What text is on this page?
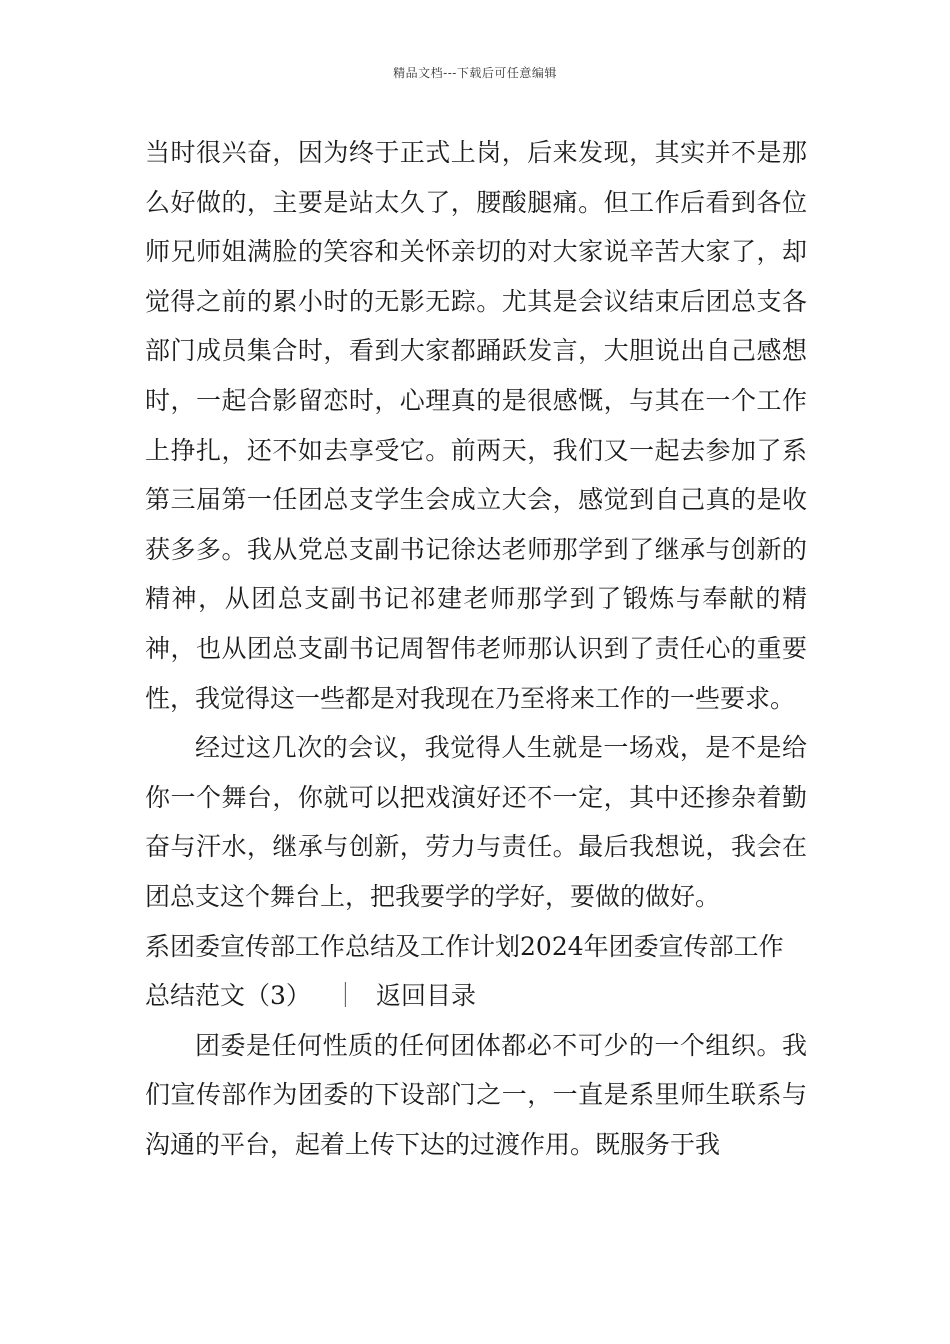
精品文档---下载后可任意编辑

当时很兴奋，因为终于正式上岗，后来发现，其实并不是那么好做的，主要是站太久了，腰酸腿痛。但工作后看到各位师兄师姐满脸的笑容和关怀亲切的对大家说辛苦大家了，却觉得之前的累小时的无影无踪。尤其是会议结束后团总支各部门成员集合时，看到大家都踊跃发言，大胆说出自己感想时，一起合影留恋时，心理真的是很感慨，与其在一个工作上挣扎，还不如去享受它。前两天，我们又一起去参加了系第三届第一任团总支学生会成立大会，感觉到自己真的是收获多多。我从党总支副书记徐达老师那学到了继承与创新的精神，从团总支副书记祁建老师那学到了锻炼与奉献的精神，也从团总支副书记周智伟老师那认识到了责任心的重要性，我觉得这一些都是对我现在乃至将来工作的一些要求。

经过这几次的会议，我觉得人生就是一场戏，是不是给你一个舞台，你就可以把戏演好还不一定，其中还掺杂着勤奋与汗水，继承与创新，劳力与责任。最后我想说，我会在团总支这个舞台上，把我要学的学好，要做的做好。

系团委宣传部工作总结及工作计划2024年团委宣传部工作总结范文（3） ｜ 返回目录

团委是任何性质的任何团体都必不可少的一个组织。我们宣传部作为团委的下设部门之一，一直是系里师生联系与沟通的平台，起着上传下达的过渡作用。既服务于我
